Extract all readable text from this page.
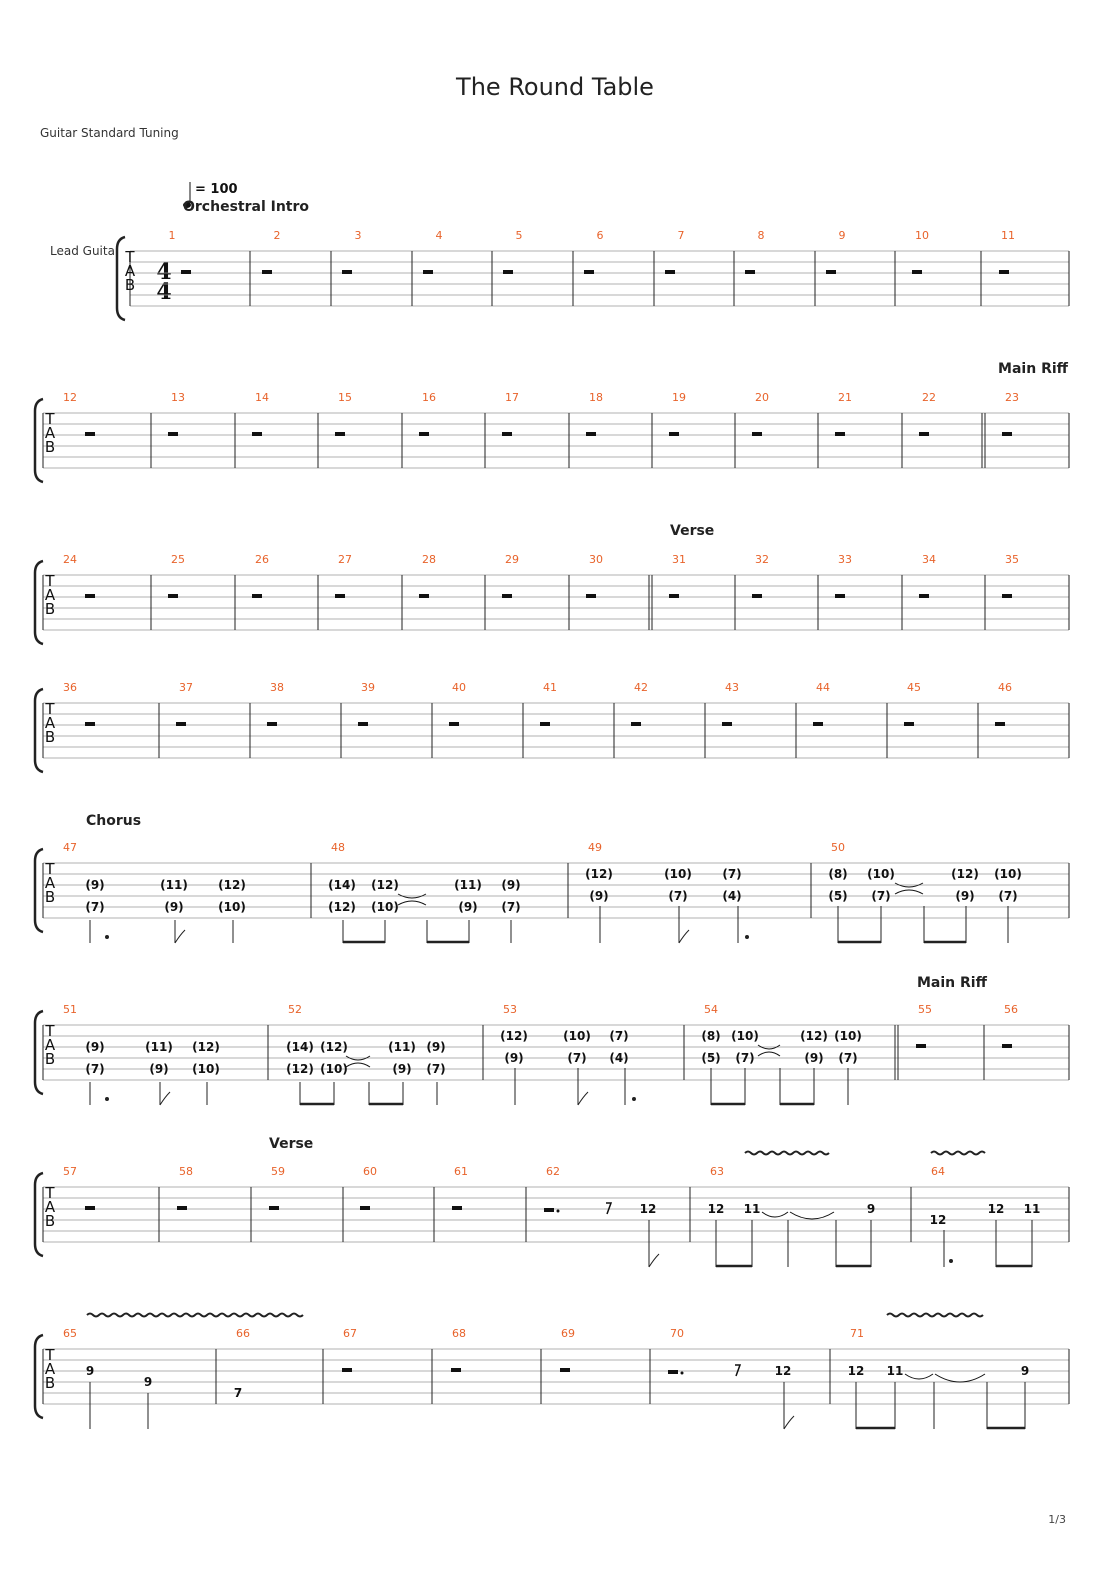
The Round Table
Guitar Standard Tuning
= 100
Lead Guita
Orchestral Intro
Main Riff
Verse
Chorus
Main Riff
Verse
4
4
T
A
B
1	2	3	4	5	6	7	8	9	10	11
T
A
B
12	13	14	15	16	17	18	19	20	21	22	23
T
A
B
24	25	26	27	28	29	30	31	32	33	34	35
T
A
B
36	37	38	39	40	41	42	43	44	45	46
T
A
B
47	48	49	50
T
A
B
51	52	53	54	55	56
T
A
B
57	58	59	60	61	62	63	64
T
A
B
65	66	67	68	69	70	71
(9)
(7)
(11)
(9)
(12)
(10)
(14)
(12)
(12)
(10)
(11)
(9)
(9)
(7)
(12)
(9)
(10)
(7)
(7)
(4)
(8)
(5)
(10)
(7)
(12)
(9)
(10)
(7)
(9)
(7)
(11)
(9)
(12)
(10)
(14)
(12)
(12)
(10)
(11)
(9)
(9)
(7)
(12)
(9)
(10)
(7)
(7)
(4)
(8)
(5)
(10)
(7)
(12)
(9)
(10)
(7)
12	12 11	9
12
12 11
9
9
7
12	12 11	9
1/3
